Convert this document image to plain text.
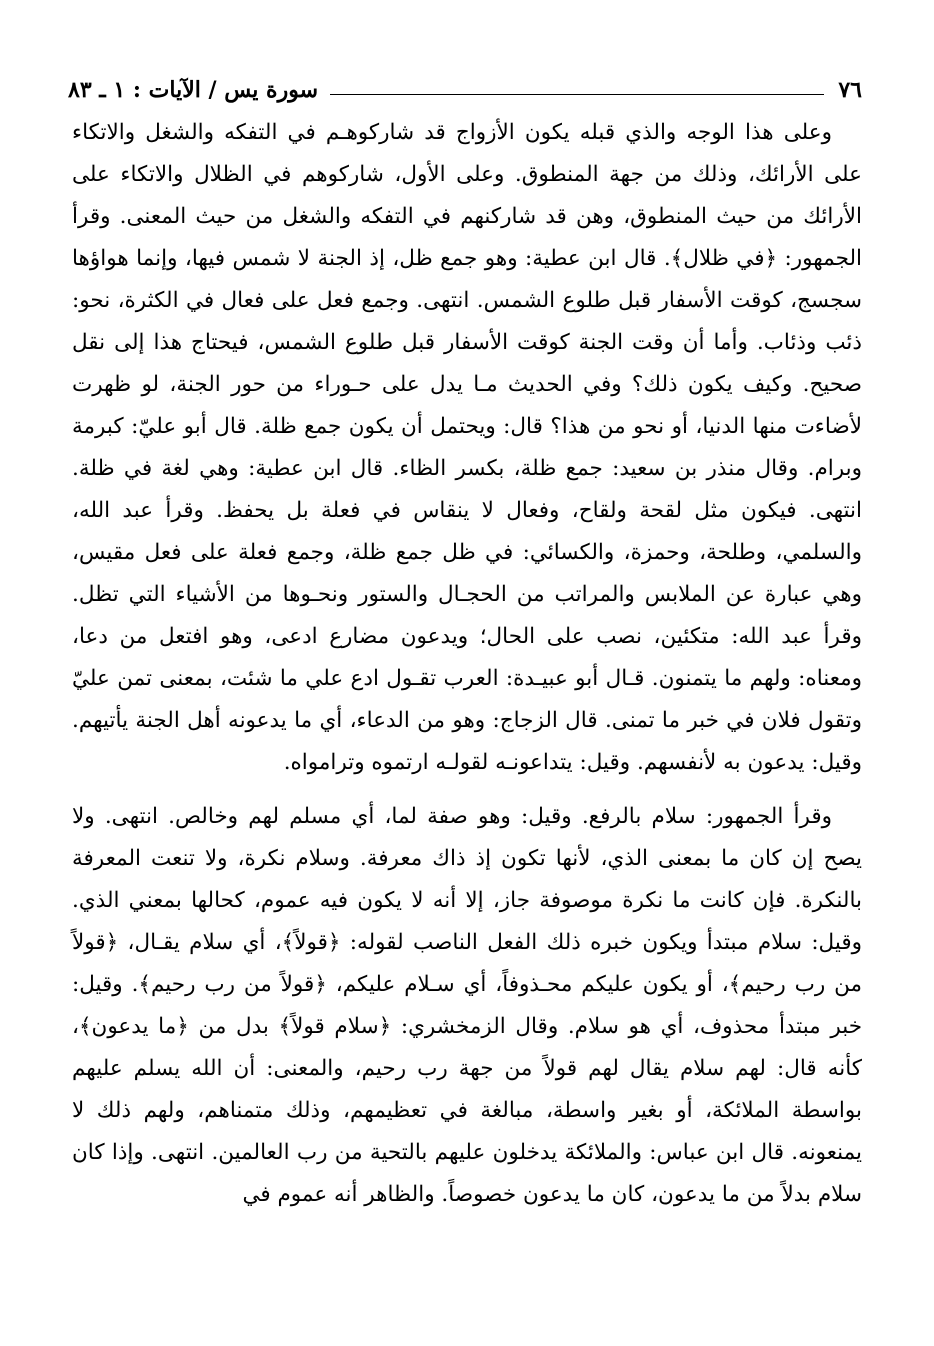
٧٦
سورة يس / الآيات : ١ ـ ٨٣

وعلى هذا الوجه والذي قبله يكون الأزواج قد شاركوهـم في التفكه والشغل والاتكاء على الأرائك، وذلك من جهة المنطوق. وعلى الأول، شاركوهم في الظلال والاتكاء على الأرائك من حيث المنطوق، وهن قد شاركنهم في التفكه والشغل من حيث المعنى. وقرأ الجمهور: ﴿في ظلال﴾. قال ابن عطية: وهو جمع ظل، إذ الجنة لا شمس فيها، وإنما هواؤها سجسج، كوقت الأسفار قبل طلوع الشمس. انتهى. وجمع فعل على فعال في الكثرة، نحو: ذئب وذئاب. وأما أن وقت الجنة كوقت الأسفار قبل طلوع الشمس، فيحتاج هذا إلى نقل صحيح. وكيف يكون ذلك؟ وفي الحديث مـا يدل على حـوراء من حور الجنة، لو ظهرت لأضاءت منها الدنيا، أو نحو من هذا؟ قال: ويحتمل أن يكون جمع ظلة. قال أبو عليّ: كبرمة وبرام. وقال منذر بن سعيد: جمع ظلة، بكسر الظاء. قال ابن عطية: وهي لغة في ظلة. انتهى. فيكون مثل لقحة ولقاح، وفعال لا ينقاس في فعلة بل يحفظ. وقرأ عبد الله، والسلمي، وطلحة، وحمزة، والكسائي: في ظل جمع ظلة، وجمع فعلة على فعل مقيس، وهي عبارة عن الملابس والمراتب من الحجـال والستور ونحـوها من الأشياء التي تظل. وقرأ عبد الله: متكئين، نصب على الحال؛ ويدعون مضارع ادعى، وهو افتعل من دعا، ومعناه: ولهم ما يتمنون. قـال أبو عبيـدة: العرب تقـول ادع علي ما شئت، بمعنى تمن عليّ وتقول فلان في خبر ما تمنى. قال الزجاج: وهو من الدعاء، أي ما يدعونه أهل الجنة يأتيهم. وقيل: يدعون به لأنفسهم. وقيل: يتداعونـه لقولـه ارتموه وترامواه.

وقرأ الجمهور: سلام بالرفع. وقيل: وهو صفة لما، أي مسلم لهم وخالص. انتهى. ولا يصح إن كان ما بمعنى الذي، لأنها تكون إذ ذاك معرفة. وسلام نكرة، ولا تنعت المعرفة بالنكرة. فإن كانت ما نكرة موصوفة جاز، إلا أنه لا يكون فيه عموم، كحالها بمعني الذي. وقيل: سلام مبتدأ ويكون خبره ذلك الفعل الناصب لقوله: ﴿قولاً﴾، أي سلام يقـال، ﴿قولاً من رب رحيم﴾، أو يكون عليكم محـذوفاً، أي سـلام عليكم، ﴿قولاً من رب رحيم﴾. وقيل: خبر مبتدأ محذوف، أي هو سلام. وقال الزمخشري: ﴿سلام قولاً﴾ بدل من ﴿ما يدعون﴾، كأنه قال: لهم سلام يقال لهم قولاً من جهة رب رحيم، والمعنى: أن الله يسلم عليهم بواسطة الملائكة، أو بغير واسطة، مبالغة في تعظيمهم، وذلك متمناهم، ولهم ذلك لا يمنعونه. قال ابن عباس: والملائكة يدخلون عليهم بالتحية من رب العالمين. انتهى. وإذا كان سلام بدلاً من ما يدعون، كان ما يدعون خصوصاً. والظاهر أنه عموم في
